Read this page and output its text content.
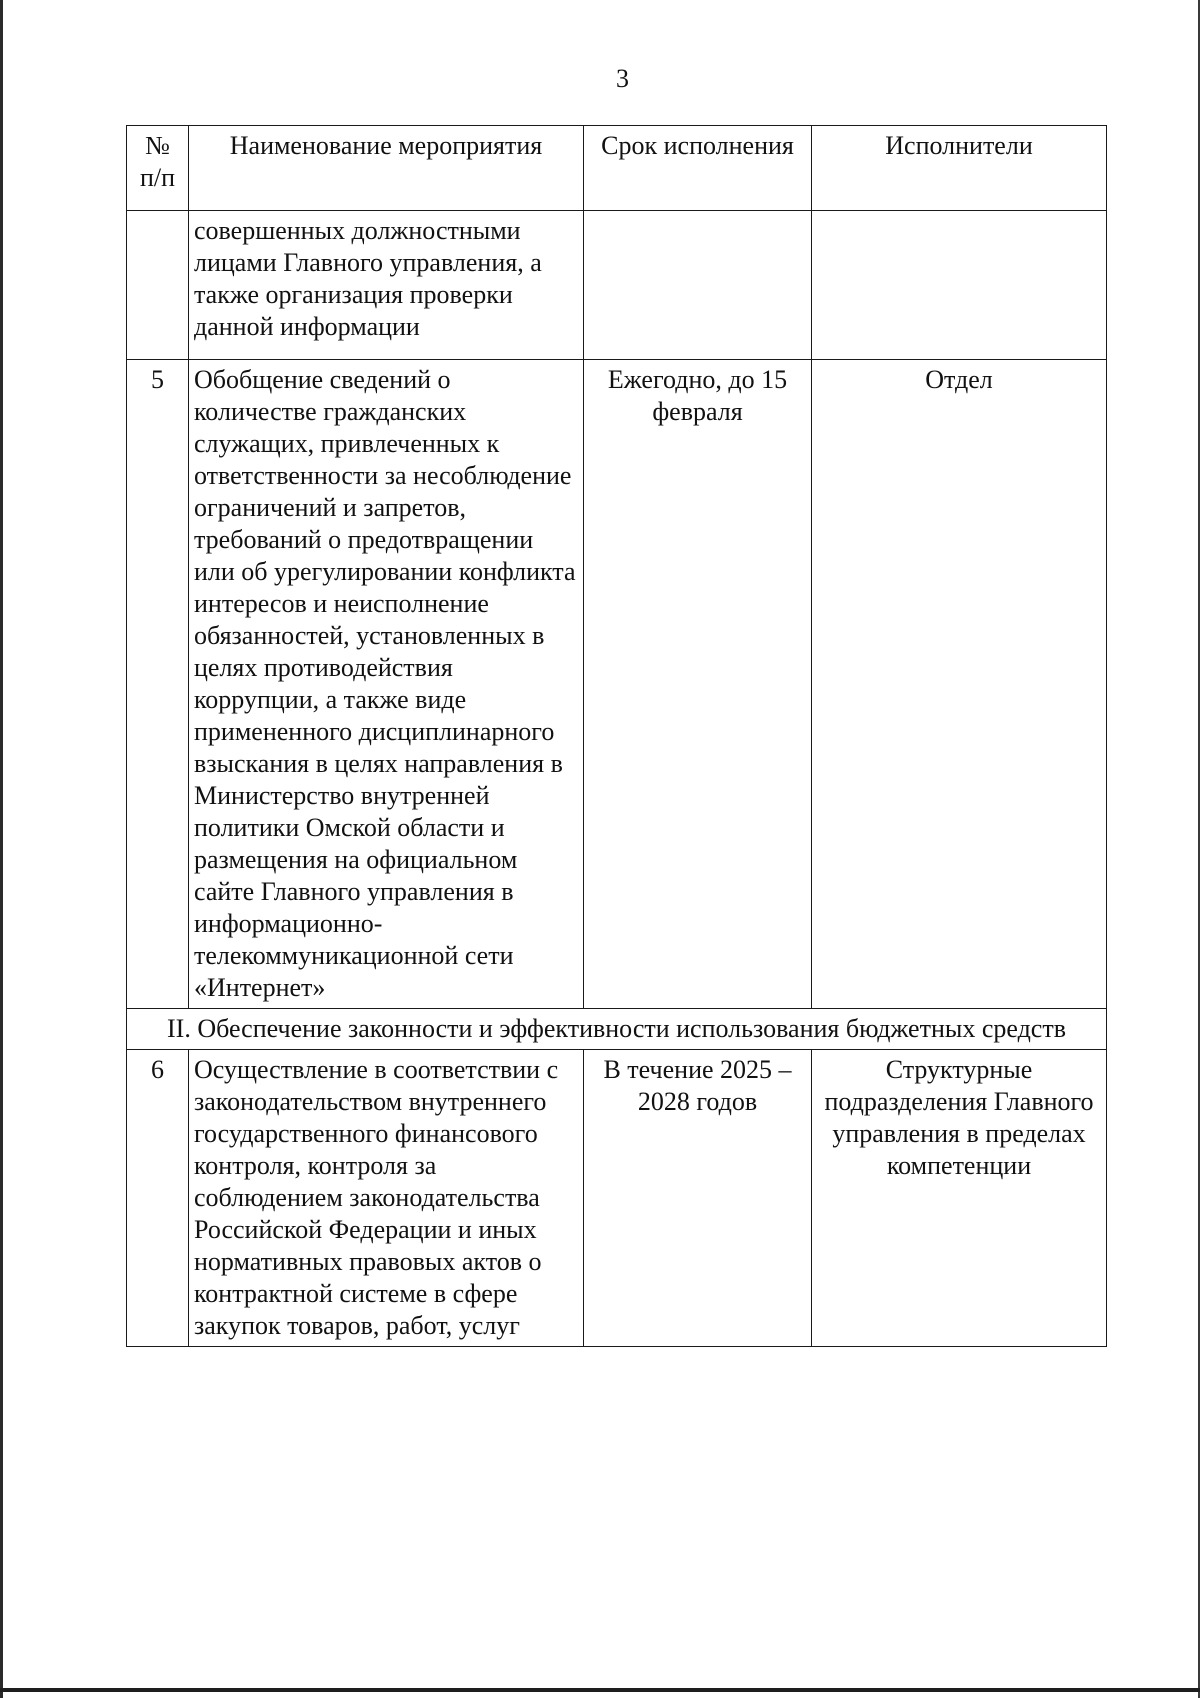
3
№ п/п	Наименование мероприятия	Срок исполнения	Исполнители
	совершенных должностными лицами Главного управления, а также организация проверки данной информации		
5	Обобщение сведений о количестве гражданских служащих, привлеченных к ответственности за несоблюдение ограничений и запретов, требований о предотвращении или об урегулировании конфликта интересов и неисполнение обязанностей, установленных в целях противодействия коррупции, а также виде примененного дисциплинарного взыскания в целях направления в Министерство внутренней политики Омской области и размещения на официальном сайте Главного управления в информационно-телекоммуникационной сети «Интернет»	Ежегодно, до 15 февраля	Отдел
II. Обеспечение законности и эффективности использования бюджетных средств			
6	Осуществление в соответствии с законодательством внутреннего государственного финансового контроля, контроля за соблюдением законодательства Российской Федерации и иных нормативных правовых актов о контрактной системе в сфере закупок товаров, работ, услуг	В течение 2025 – 2028 годов	Структурные подразделения Главного управления в пределах компетенции
